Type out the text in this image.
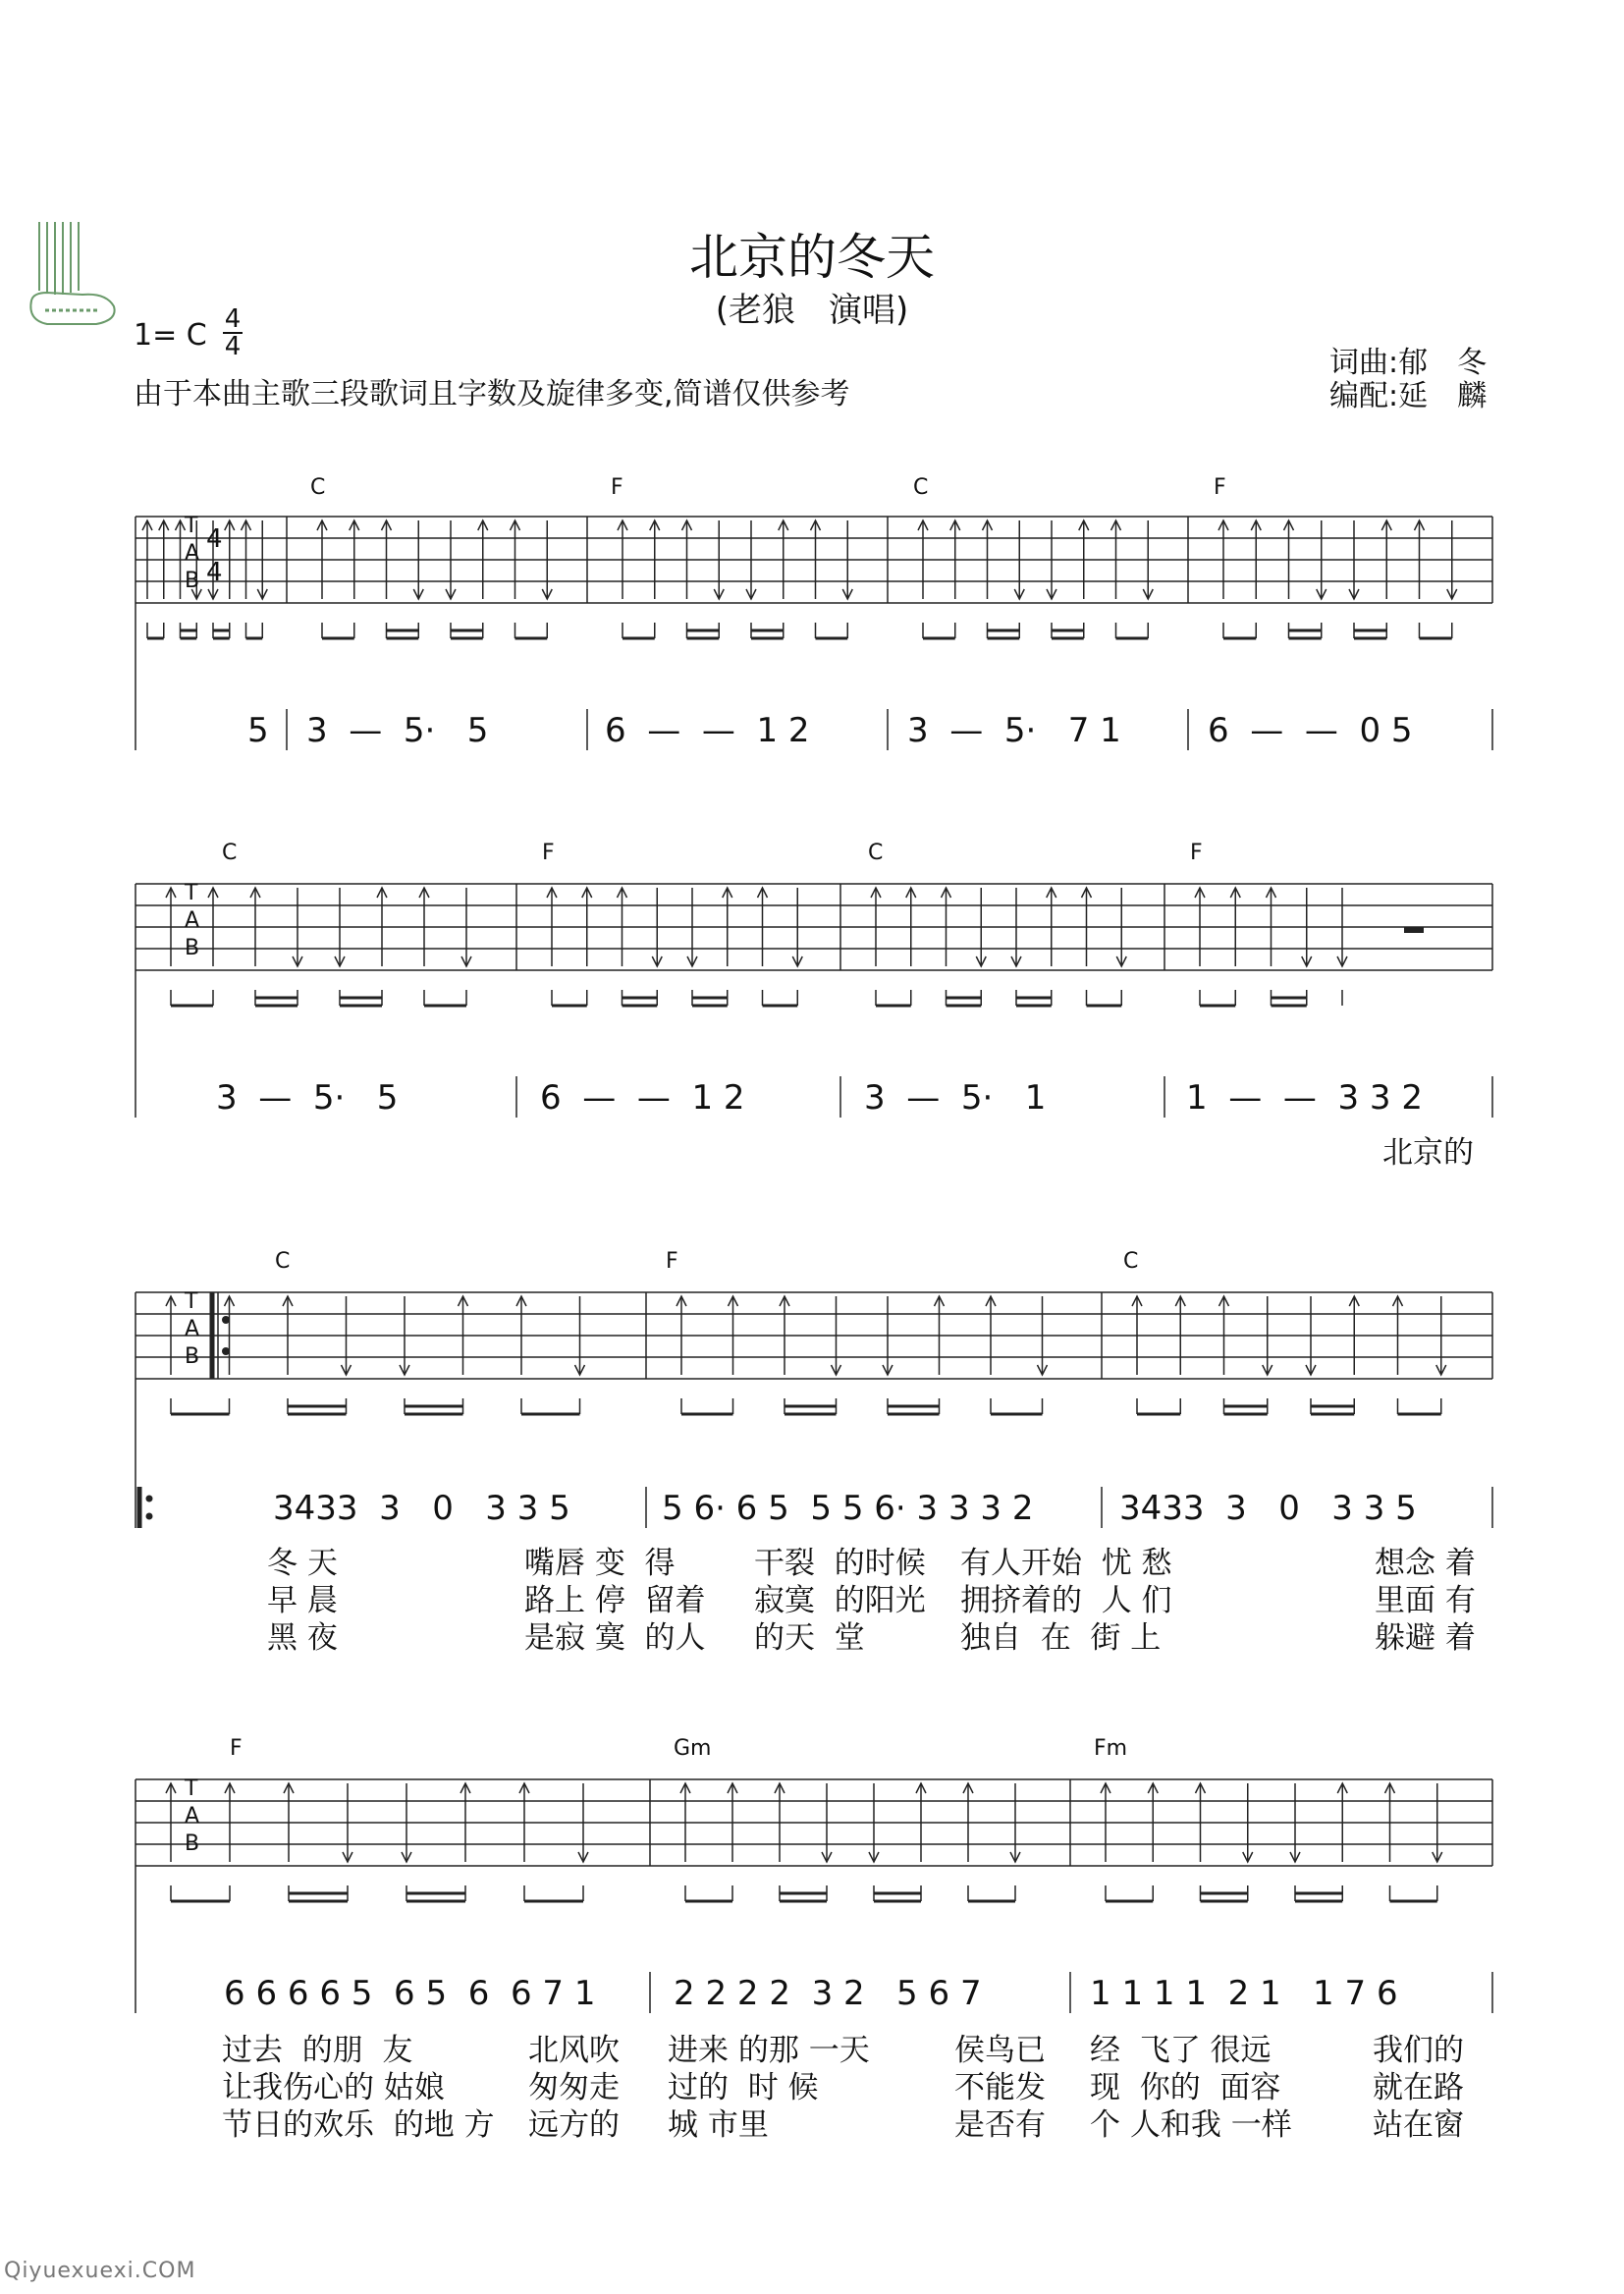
北京的冬天
(老狼　演唱)
1= C 4
4
由于本曲主歌三段歌词且字数及旋律多变,简谱仅供参考
词曲:郁　冬
编配:延　麟
C	F	C	F
T
A
B
4
4
5 3  —  5·   5	6  —  —  1 2	3  —  5·   7 1	6  —  —  0 5
C	F	C	F
T
A
B
3  —  5·   5	6  —  —  1 2	3  —  5·   1	1  —  —  3 3 2
北京的
C	F	C
T
A
B
3433  3   0   3 3 5	5 6· 6 5  5 5 6· 3 3 3 2	3433  3   0   3 3 5
冬 天	嘴唇 变  得	干裂  的时候 有人开始  忧 愁	想念 着
早 晨	路上 停  留着 寂寞  的阳光 拥挤着的  人 们	里面 有
黑 夜	是寂 寞  的人 的天  堂	独自  在  街 上	躲避 着
F	Gm	Fm
T
A
B
6 6 6 6 5  6 5  6  6 7 1 2 2 2 2  3 2   5 6 7	1 1 1 1  2 1   1 7 6
过去  的朋  友	北风吹 进来 的那 一天	侯鸟已 经  飞了 很远	我们的
让我伤心的 姑娘	匆匆走 过的  时 候	不能发 现  你的  面容	就在路
节日的欢乐  的地 方 远方的 城 市里	是否有 个 人和我 一样	站在窗
Qiyuexuexi.COM
